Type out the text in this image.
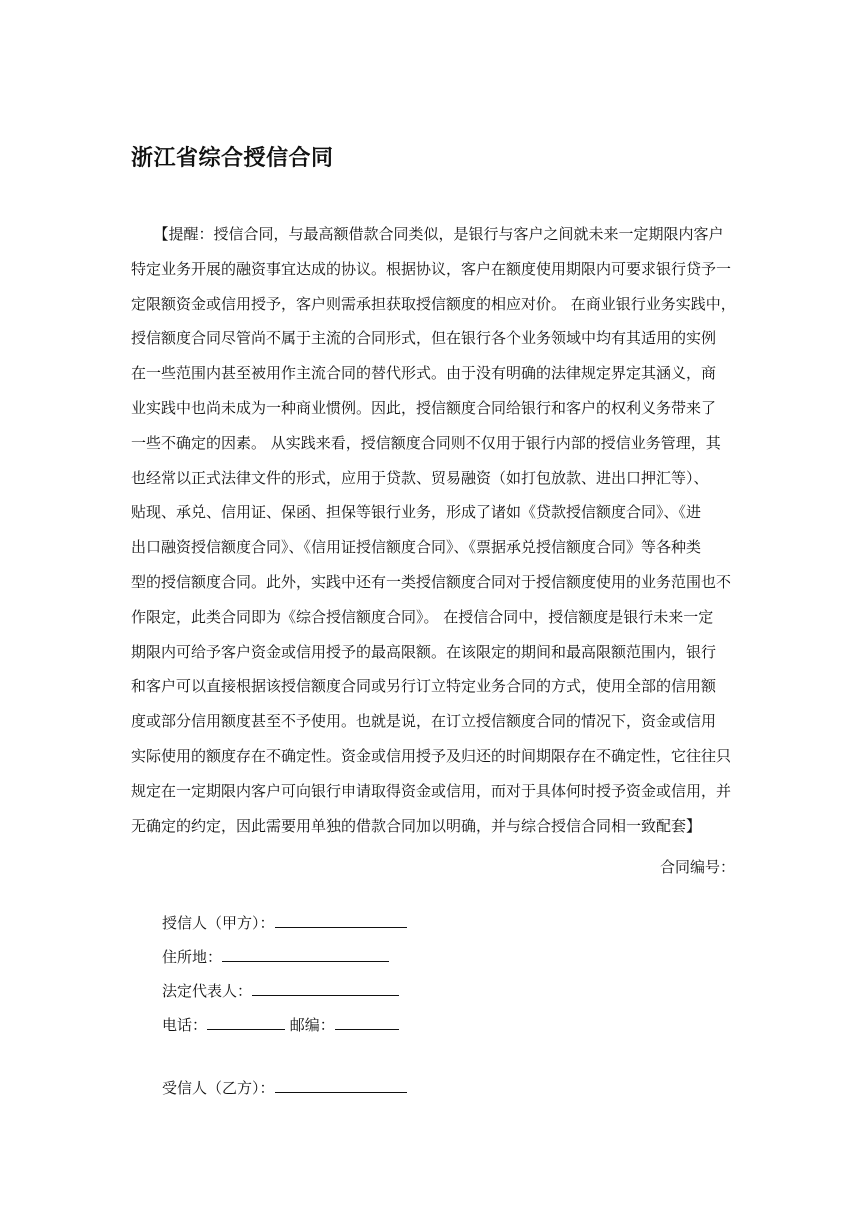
浙江省综合授信合同
　　【提醒：授信合同，与最高额借款合同类似，是银行与客户之间就未来一定期限内客户
特定业务开展的融资事宜达成的协议。根据协议，客户在额度使用期限内可要求银行贷予一
定限额资金或信用授予，客户则需承担获取授信额度的相应对价。 在商业银行业务实践中，
授信额度合同尽管尚不属于主流的合同形式，但在银行各个业务领域中均有其适用的实例
在一些范围内甚至被用作主流合同的替代形式。由于没有明确的法律规定界定其涵义，商
业实践中也尚未成为一种商业惯例。因此，授信额度合同给银行和客户的权利义务带来了
一些不确定的因素。 从实践来看，授信额度合同则不仅用于银行内部的授信业务管理，其
也经常以正式法律文件的形式，应用于贷款、贸易融资（如打包放款、进出口押汇等）、
贴现、承兑、信用证、保函、担保等银行业务，形成了诸如《贷款授信额度合同》、《进
出口融资授信额度合同》、《信用证授信额度合同》、《票据承兑授信额度合同》等各种类
型的授信额度合同。此外，实践中还有一类授信额度合同对于授信额度使用的业务范围也不
作限定，此类合同即为《综合授信额度合同》。 在授信合同中，授信额度是银行未来一定
期限内可给予客户资金或信用授予的最高限额。在该限定的期间和最高限额范围内，银行
和客户可以直接根据该授信额度合同或另行订立特定业务合同的方式，使用全部的信用额
度或部分信用额度甚至不予使用。也就是说，在订立授信额度合同的情况下，资金或信用
实际使用的额度存在不确定性。资金或信用授予及归还的时间期限存在不确定性，它往往只
规定在一定期限内客户可向银行申请取得资金或信用，而对于具体何时授予资金或信用，并
无确定的约定，因此需要用单独的借款合同加以明确，并与综合授信合同相一致配套】
合同编号：
授信人（甲方）：
住所地：
法定代表人：
电话：	邮编：
受信人（乙方）：
